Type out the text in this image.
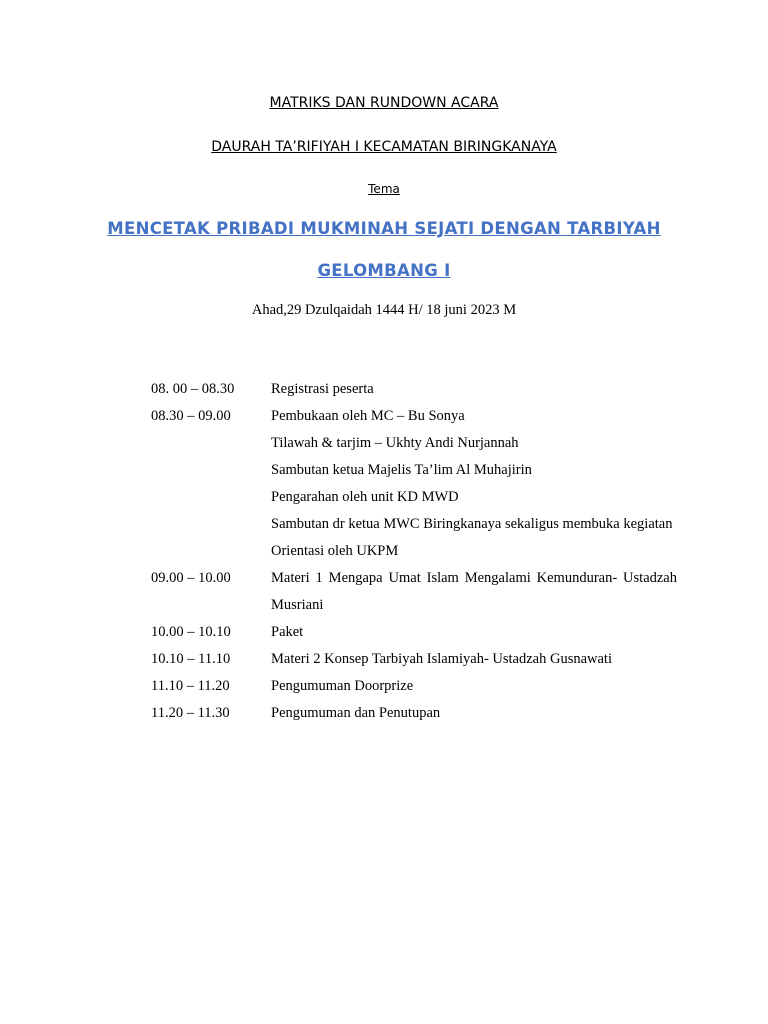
MATRIKS DAN RUNDOWN ACARA
DAURAH TA’RIFIYAH I KECAMATAN BIRINGKANAYA
Tema
MENCETAK PRIBADI MUKMINAH SEJATI DENGAN TARBIYAH
GELOMBANG I
Ahad,29 Dzulqaidah 1444 H/ 18 juni 2023 M
08. 00 – 08.30	Registrasi peserta
08.30 – 09.00	Pembukaan oleh MC – Bu Sonya
Tilawah & tarjim – Ukhty Andi Nurjannah
Sambutan ketua Majelis Ta’lim Al Muhajirin
Pengarahan oleh unit KD MWD
Sambutan dr ketua MWC Biringkanaya sekaligus membuka kegiatan
Orientasi oleh UKPM
09.00 – 10.00	Materi 1 Mengapa Umat Islam Mengalami Kemunduran- Ustadzah Musriani
10.00 – 10.10	Paket
10.10 – 11.10	Materi 2 Konsep Tarbiyah Islamiyah- Ustadzah Gusnawati
11.10 – 11.20	Pengumuman Doorprize
11.20 – 11.30	Pengumuman dan Penutupan
